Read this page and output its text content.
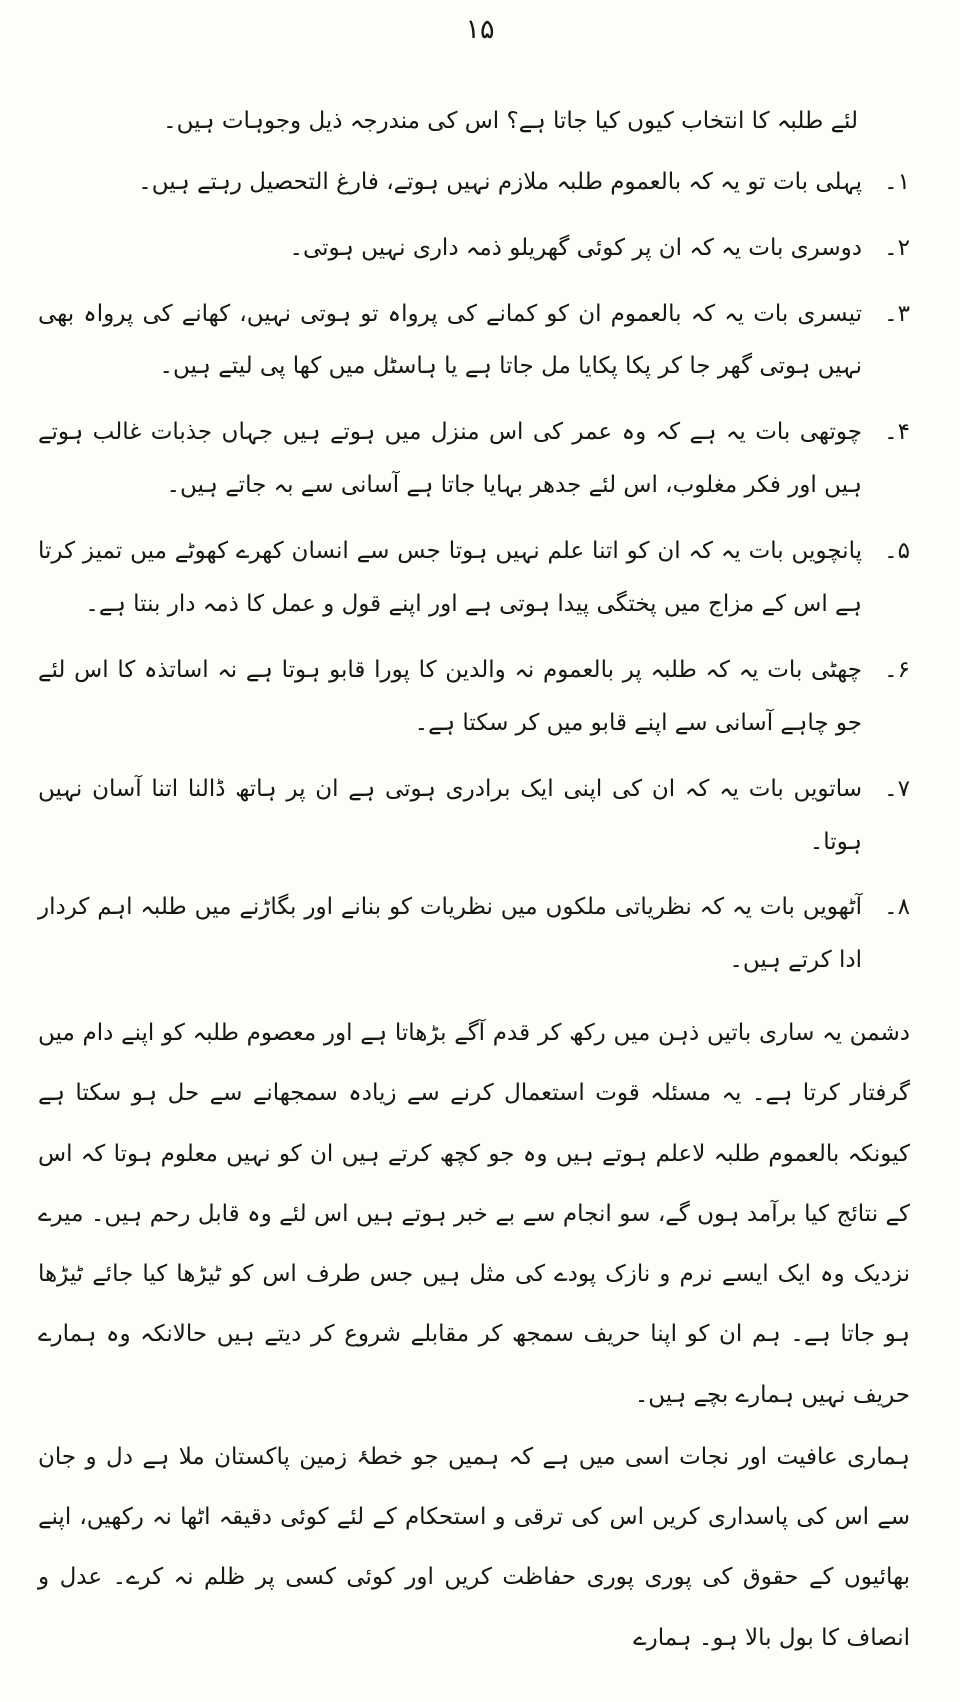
۱۵

لئے طلبہ کا انتخاب کیوں کیا جاتا ہے؟ اس کی مندرجہ ذیل وجوہات ہیں۔

۱۔
پہلی بات تو یہ کہ بالعموم طلبہ ملازم نہیں ہوتے، فارغ التحصیل رہتے ہیں۔
۲۔
دوسری بات یہ کہ ان پر کوئی گھریلو ذمہ داری نہیں ہوتی۔
۳۔
تیسری بات یہ کہ بالعموم ان کو کمانے کی پرواہ تو ہوتی نہیں، کھانے کی پرواہ بھی نہیں ہوتی گھر جا کر پکا پکایا مل جاتا ہے یا ہاسٹل میں کھا پی لیتے ہیں۔
۴۔
چوتھی بات یہ ہے کہ وہ عمر کی اس منزل میں ہوتے ہیں جہاں جذبات غالب ہوتے ہیں اور فکر مغلوب، اس لئے جدھر بہایا جاتا ہے آسانی سے بہ جاتے ہیں۔
۵۔
پانچویں بات یہ کہ ان کو اتنا علم نہیں ہوتا جس سے انسان کھرے کھوٹے میں تمیز کرتا ہے اس کے مزاج میں پختگی پیدا ہوتی ہے اور اپنے قول و عمل کا ذمہ دار بنتا ہے۔
۶۔
چھٹی بات یہ کہ طلبہ پر بالعموم نہ والدین کا پورا قابو ہوتا ہے نہ اساتذہ کا اس لئے جو چاہے آسانی سے اپنے قابو میں کر سکتا ہے۔
۷۔
ساتویں بات یہ کہ ان کی اپنی ایک برادری ہوتی ہے ان پر ہاتھ ڈالنا اتنا آسان نہیں ہوتا۔
۸۔
آٹھویں بات یہ کہ نظریاتی ملکوں میں نظریات کو بنانے اور بگاڑنے میں طلبہ اہم کردار ادا کرتے ہیں۔

دشمن یہ ساری باتیں ذہن میں رکھ کر قدم آگے بڑھاتا ہے اور معصوم طلبہ کو اپنے دام میں گرفتار کرتا ہے۔ یہ مسئلہ قوت استعمال کرنے سے زیادہ سمجھانے سے حل ہو سکتا ہے کیونکہ بالعموم طلبہ لاعلم ہوتے ہیں وہ جو کچھ کرتے ہیں ان کو نہیں معلوم ہوتا کہ اس کے نتائج کیا برآمد ہوں گے، سو انجام سے بے خبر ہوتے ہیں اس لئے وہ قابل رحم ہیں۔ میرے نزدیک وہ ایک ایسے نرم و نازک پودے کی مثل ہیں جس طرف اس کو ٹیڑھا کیا جائے ٹیڑھا ہو جاتا ہے۔ ہم ان کو اپنا حریف سمجھ کر مقابلے شروع کر دیتے ہیں حالانکہ وہ ہمارے حریف نہیں ہمارے بچے ہیں۔

ہماری عافیت اور نجات اسی میں ہے کہ ہمیں جو خطۂ زمین پاکستان ملا ہے دل و جان سے اس کی پاسداری کریں اس کی ترقی و استحکام کے لئے کوئی دقیقہ اٹھا نہ رکھیں، اپنے بھائیوں کے حقوق کی پوری پوری حفاظت کریں اور کوئی کسی پر ظلم نہ کرے۔ عدل و انصاف کا بول بالا ہو۔ ہمارے
